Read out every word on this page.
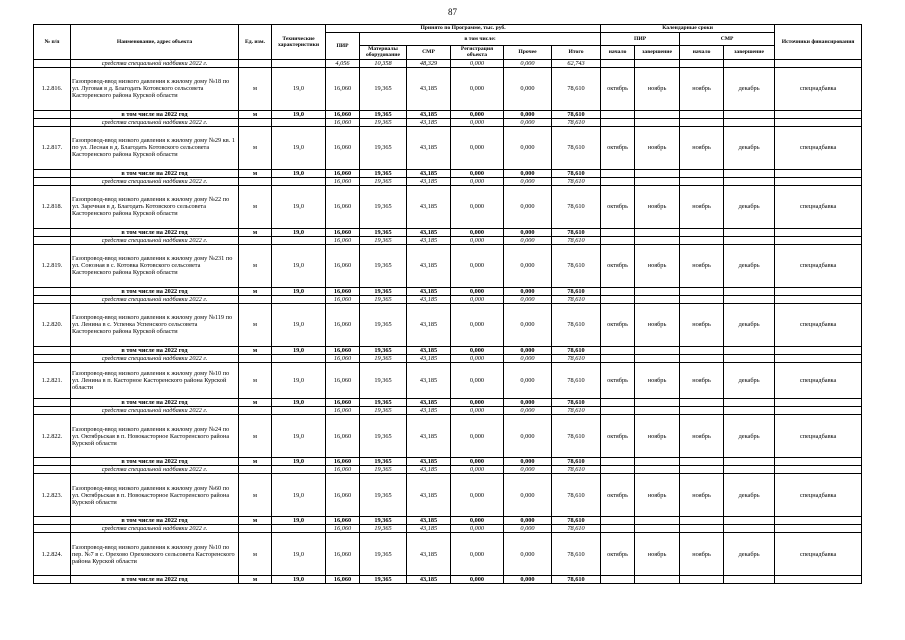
87
№ п/п	Наименование, адрес объекта	Ед. изм.	Технические характеристики	Принято по Программе, тыс. руб.						Календарные сроки				Источники финансирования
				ПИР	в том числе:					ПИР		СМР		
					Материалы оборудование	СМР	Регистрация объекта	Прочее	Итого	начало	завершение	начало	завершение	
	средства специальной надбавки 2022 г.			4,056	10,358	48,329	0,000	0,000	62,743					
1.2.816.	Газопровод-ввод низкого давления к жилому дому №18 по ул. Луговая в д. Благодать Котовского сельсовета Касторенского района Курской области	м	19,0	16,060	19,365	43,185	0,000	0,000	78,610	октябрь	ноябрь	ноябрь	декабрь	спецнадбавка
	в том числе на 2022 год	м	19,0	16,060	19,365	43,185	0,000	0,000	78,610					
	средства специальной надбавки 2022 г.			16,060	19,365	43,185	0,000	0,000	78,610					
1.2.817.	Газопровод-ввод низкого давления к жилому дому №29 кв. 1 по ул. Лесная в д. Благодать Котовского сельсовета Касторенского района Курской области	м	19,0	16,060	19,365	43,185	0,000	0,000	78,610	октябрь	ноябрь	ноябрь	декабрь	спецнадбавка
	в том числе на 2022 год	м	19,0	16,060	19,365	43,185	0,000	0,000	78,610					
	средства специальной надбавки 2022 г.			16,060	19,365	43,185	0,000	0,000	78,610					
1.2.818.	Газопровод-ввод низкого давления к жилому дому №22 по ул. Заречная в д. Благодать Котовского сельсовета Касторенского района Курской области	м	19,0	16,060	19,365	43,185	0,000	0,000	78,610	октябрь	ноябрь	ноябрь	декабрь	спецнадбавка
	в том числе на 2022 год	м	19,0	16,060	19,365	43,185	0,000	0,000	78,610					
	средства специальной надбавки 2022 г.			16,060	19,365	43,185	0,000	0,000	78,610					
1.2.819.	Газопровод-ввод низкого давления к жилому дому №231 по ул. Союзная в с. Котовка Котовского сельсовета Касторенского района Курской области	м	19,0	16,060	19,365	43,185	0,000	0,000	78,610	октябрь	ноябрь	ноябрь	декабрь	спецнадбавка
	в том числе на 2022 год	м	19,0	16,060	19,365	43,185	0,000	0,000	78,610					
	средства специальной надбавки 2022 г.			16,060	19,365	43,185	0,000	0,000	78,610					
1.2.820.	Газопровод-ввод низкого давления к жилому дому №119 по ул. Ленина в с. Успенка Успенского сельсовета Касторенского района Курской области	м	19,0	16,060	19,365	43,185	0,000	0,000	78,610	октябрь	ноябрь	ноябрь	декабрь	спецнадбавка
	в том числе на 2022 год	м	19,0	16,060	19,365	43,185	0,000	0,000	78,610					
	средства специальной надбавки 2022 г.			16,060	19,365	43,185	0,000	0,000	78,610					
1.2.821.	Газопровод-ввод низкого давления к жилому дому №10 по ул. Ленина в п. Касторное Касторенского района Курской области	м	19,0	16,060	19,365	43,185	0,000	0,000	78,610	октябрь	ноябрь	ноябрь	декабрь	спецнадбавка
	в том числе на 2022 год	м	19,0	16,060	19,365	43,185	0,000	0,000	78,610					
	средства специальной надбавки 2022 г.			16,060	19,365	43,185	0,000	0,000	78,610					
1.2.822.	Газопровод-ввод низкого давления к жилому дому №24 по ул. Октябрьская в п. Новокасторное Касторенского района Курской области	м	19,0	16,060	19,365	43,185	0,000	0,000	78,610	октябрь	ноябрь	ноябрь	декабрь	спецнадбавка
	в том числе на 2022 год	м	19,0	16,060	19,365	43,185	0,000	0,000	78,610					
	средства специальной надбавки 2022 г.			16,060	19,365	43,185	0,000	0,000	78,610					
1.2.823.	Газопровод-ввод низкого давления к жилому дому №60 по ул. Октябрьская в п. Новокасторное Касторенского района Курской области	м	19,0	16,060	19,365	43,185	0,000	0,000	78,610	октябрь	ноябрь	ноябрь	декабрь	спецнадбавка
	в том числе на 2022 год	м	19,0	16,060	19,365	43,185	0,000	0,000	78,610					
	средства специальной надбавки 2022 г.			16,060	19,365	43,185	0,000	0,000	78,610					
1.2.824.	Газопровод-ввод низкого давления к жилому дому №10 по пер. №7 в с. Орехово Ореховского сельсовета Касторенского района Курской области	м	19,0	16,060	19,365	43,185	0,000	0,000	78,610	октябрь	ноябрь	ноябрь	декабрь	спецнадбавка
	в том числе на 2022 год	м	19,0	16,060	19,365	43,185	0,000	0,000	78,610					
